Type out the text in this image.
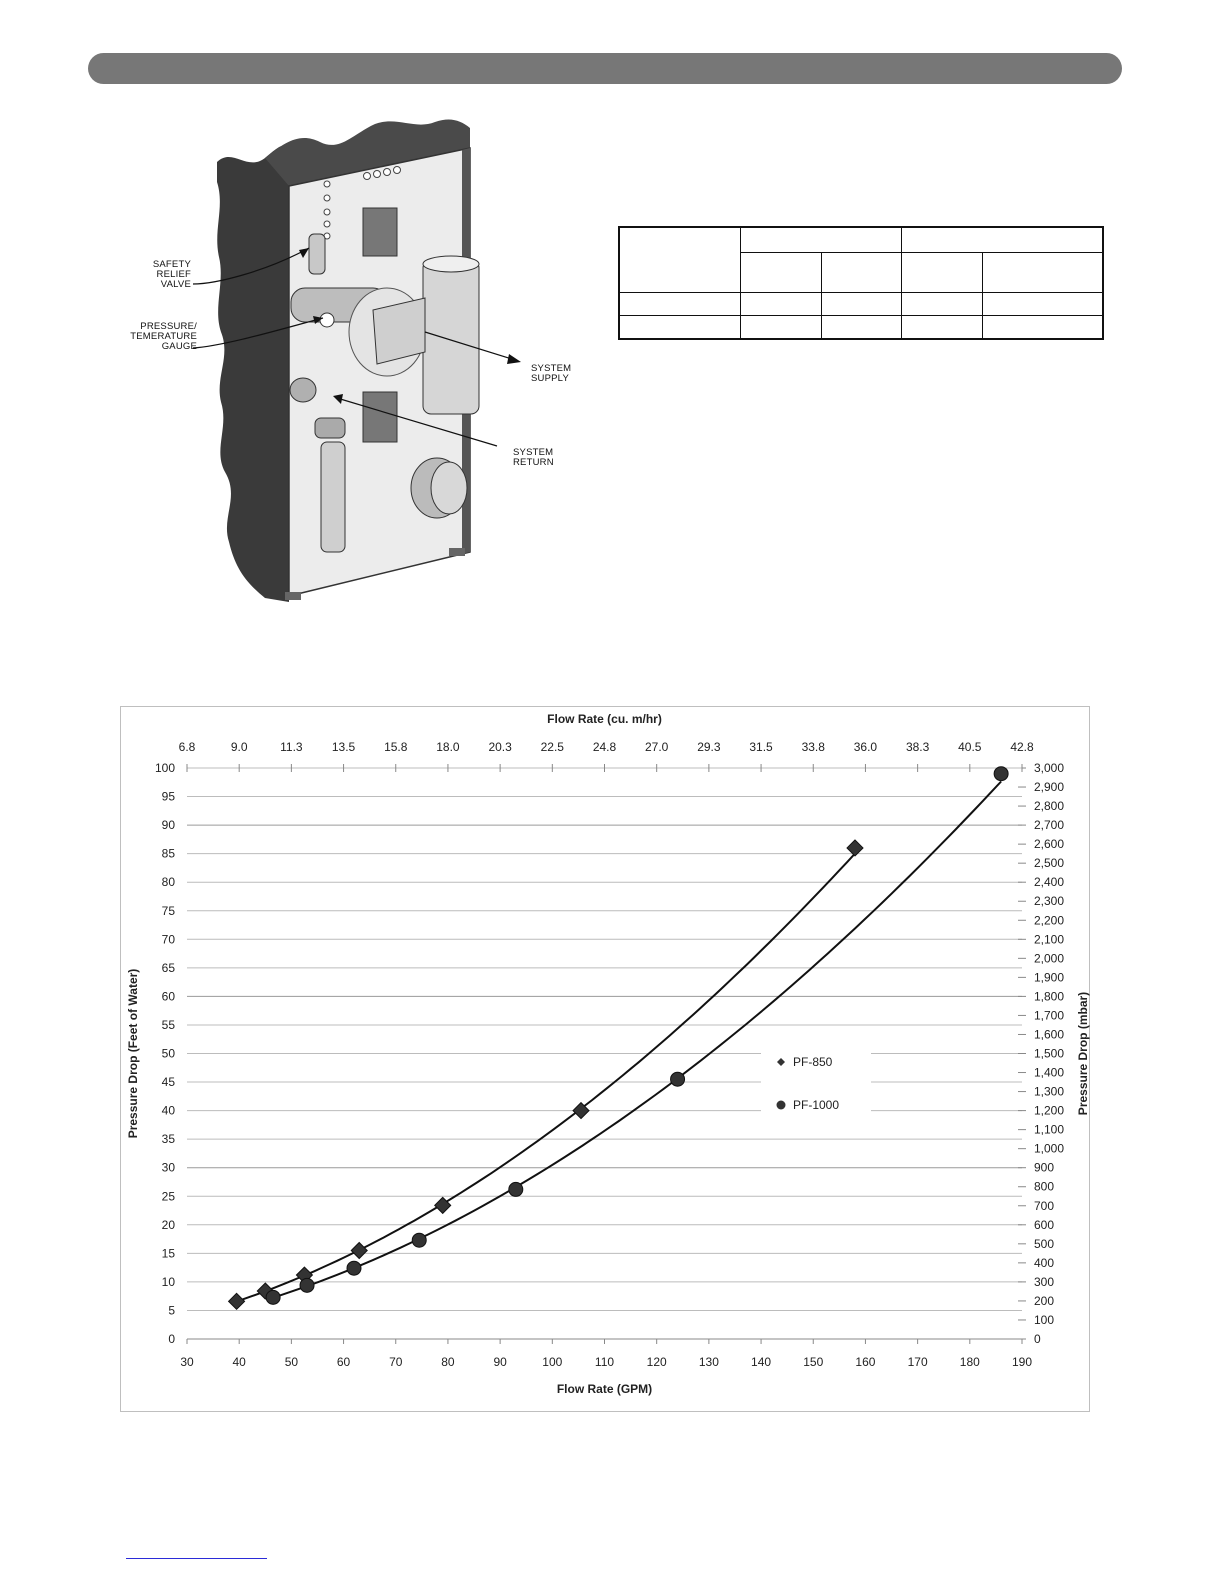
SAFETY
RELIEF
VALVE
PRESSURE/
TEMERATURE
GAUGE
SYSTEM
SUPPLY
SYSTEM
RETURN

0
5
10
15
20
25
30
35
40
45
50
55
60
65
70
75
80
85
90
95
100
0
100
200
300
400
500
600
700
800
900
1,000
1,100
1,200
1,300
1,400
1,500
1,600
1,700
1,800
1,900
2,000
2,100
2,200
2,300
2,400
2,500
2,600
2,700
2,800
2,900
3,000
30	40	50	60	70	80	90	100	110	120	130	140	150	160	170	180	190
6.8	9.0	11.3 13.5 15.8 18.0 20.3 22.5 24.8 27.0 29.3 31.5 33.8 36.0 38.3 40.5 42.8
Flow Rate (GPM)
Flow Rate (cu. m/hr)
Pressure Drop (Feet of Water)	Pressure Drop (mbar)
PF-850
PF-1000
